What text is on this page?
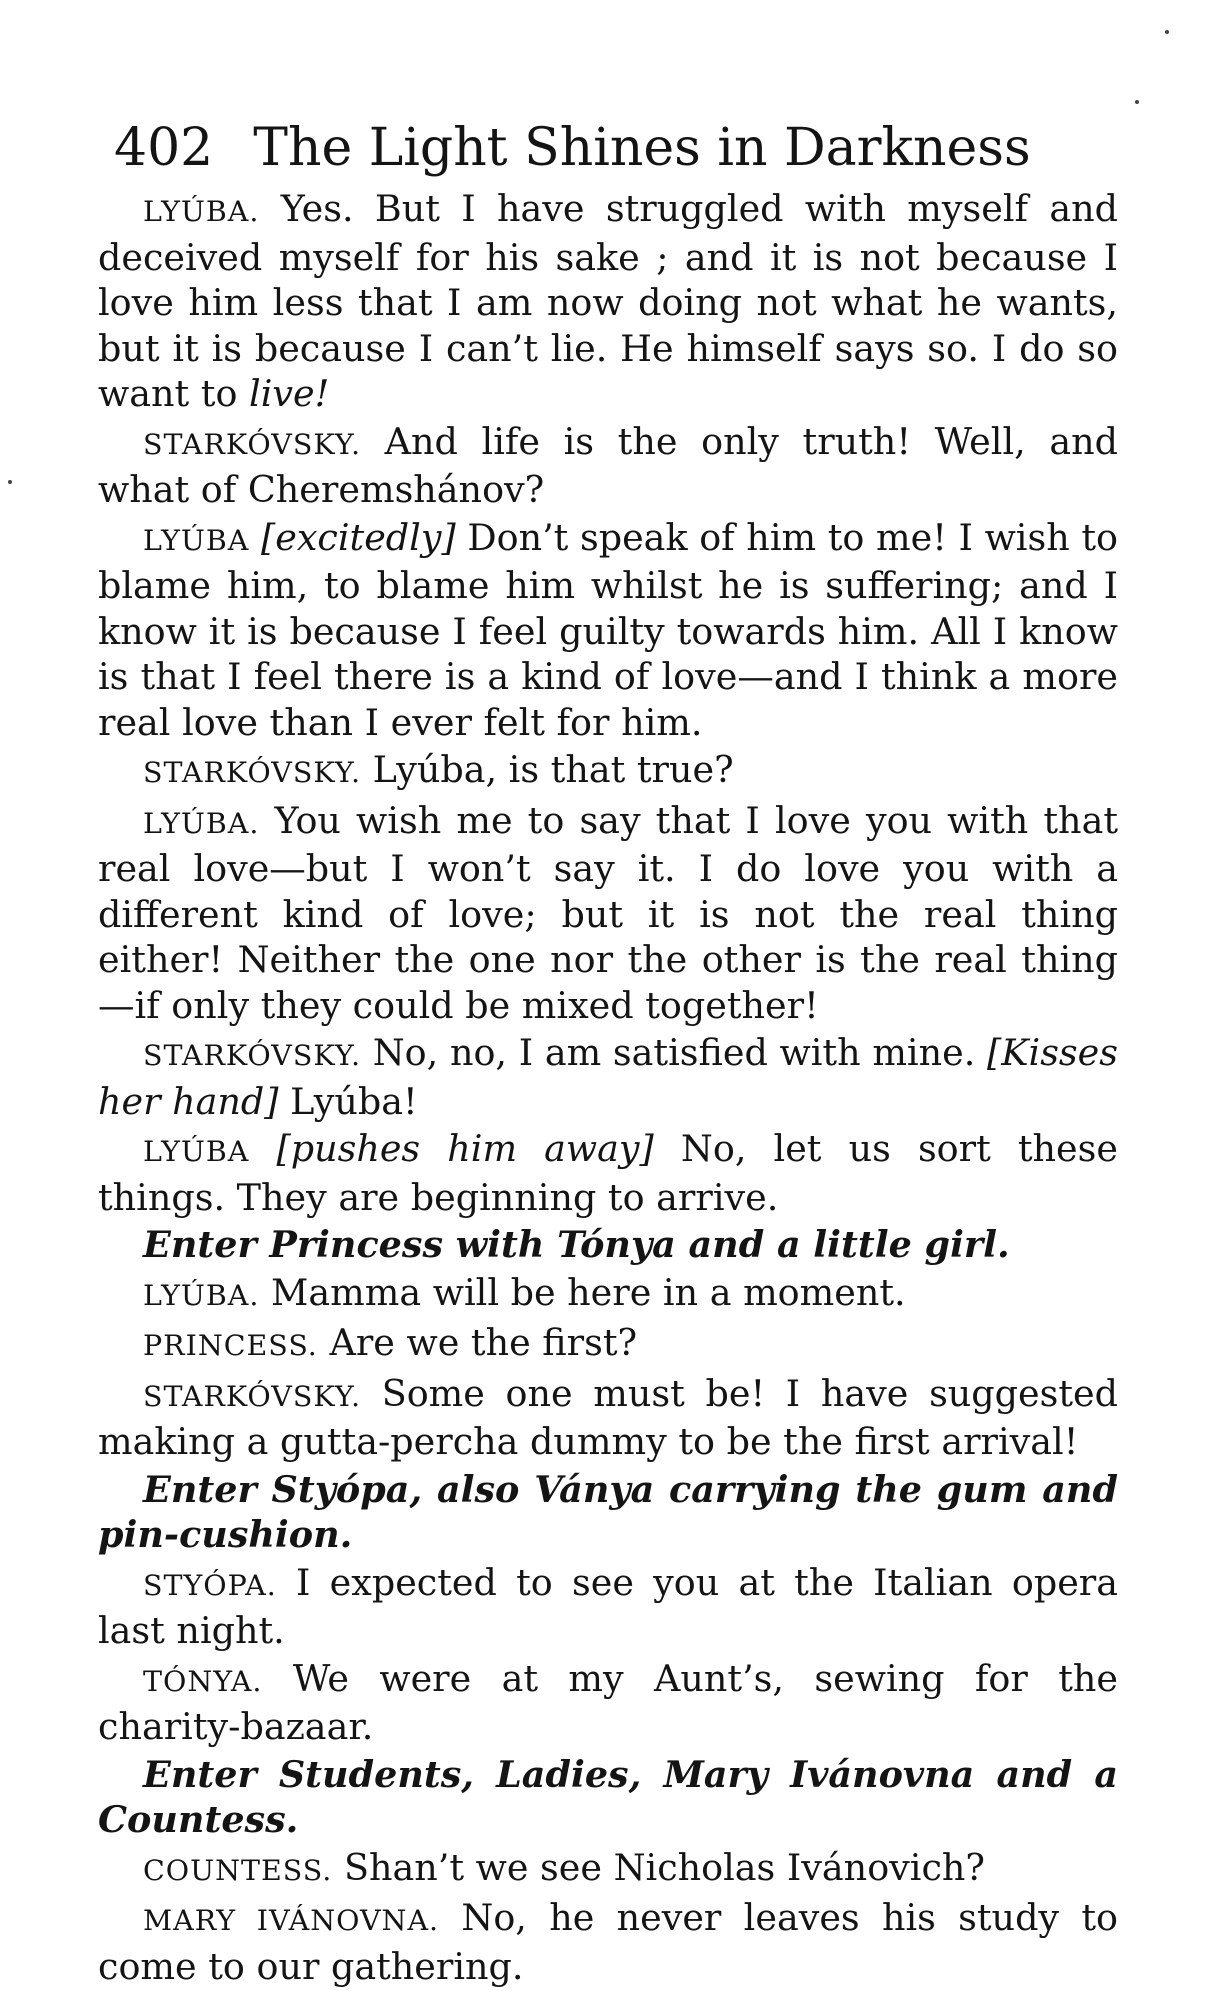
402 The Light Shines in Darkness

LYÚBA. Yes. But I have struggled with myself and deceived myself for his sake ; and it is not because I love him less that I am now doing not what he wants, but it is because I can’t lie. He himself says so. I do so want to live!

STARKÓVSKY. And life is the only truth! Well, and what of Cheremshánov?

LYÚBA [excitedly] Don’t speak of him to me! I wish to blame him, to blame him whilst he is suffering; and I know it is because I feel guilty towards him. All I know is that I feel there is a kind of love—and I think a more real love than I ever felt for him.

STARKÓVSKY. Lyúba, is that true?

LYÚBA. You wish me to say that I love you with that real love—but I won’t say it. I do love you with a different kind of love; but it is not the real thing either! Neither the one nor the other is the real thing—if only they could be mixed together!

STARKÓVSKY. No, no, I am satisfied with mine. [Kisses her hand] Lyúba!

LYÚBA [pushes him away] No, let us sort these things. They are beginning to arrive.

Enter Princess with Tónya and a little girl.

LYÚBA. Mamma will be here in a moment.

PRINCESS. Are we the first?

STARKÓVSKY. Some one must be! I have suggested making a gutta-percha dummy to be the first arrival!

Enter Styópa, also Ványa carrying the gum and pin-cushion.

STYÓPA. I expected to see you at the Italian opera last night.

TÓNYA. We were at my Aunt’s, sewing for the charity-bazaar.

Enter Students, Ladies, Mary Ivánovna and a Countess.

COUNTESS. Shan’t we see Nicholas Ivánovich?

MARY IVÁNOVNA. No, he never leaves his study to come to our gathering.
